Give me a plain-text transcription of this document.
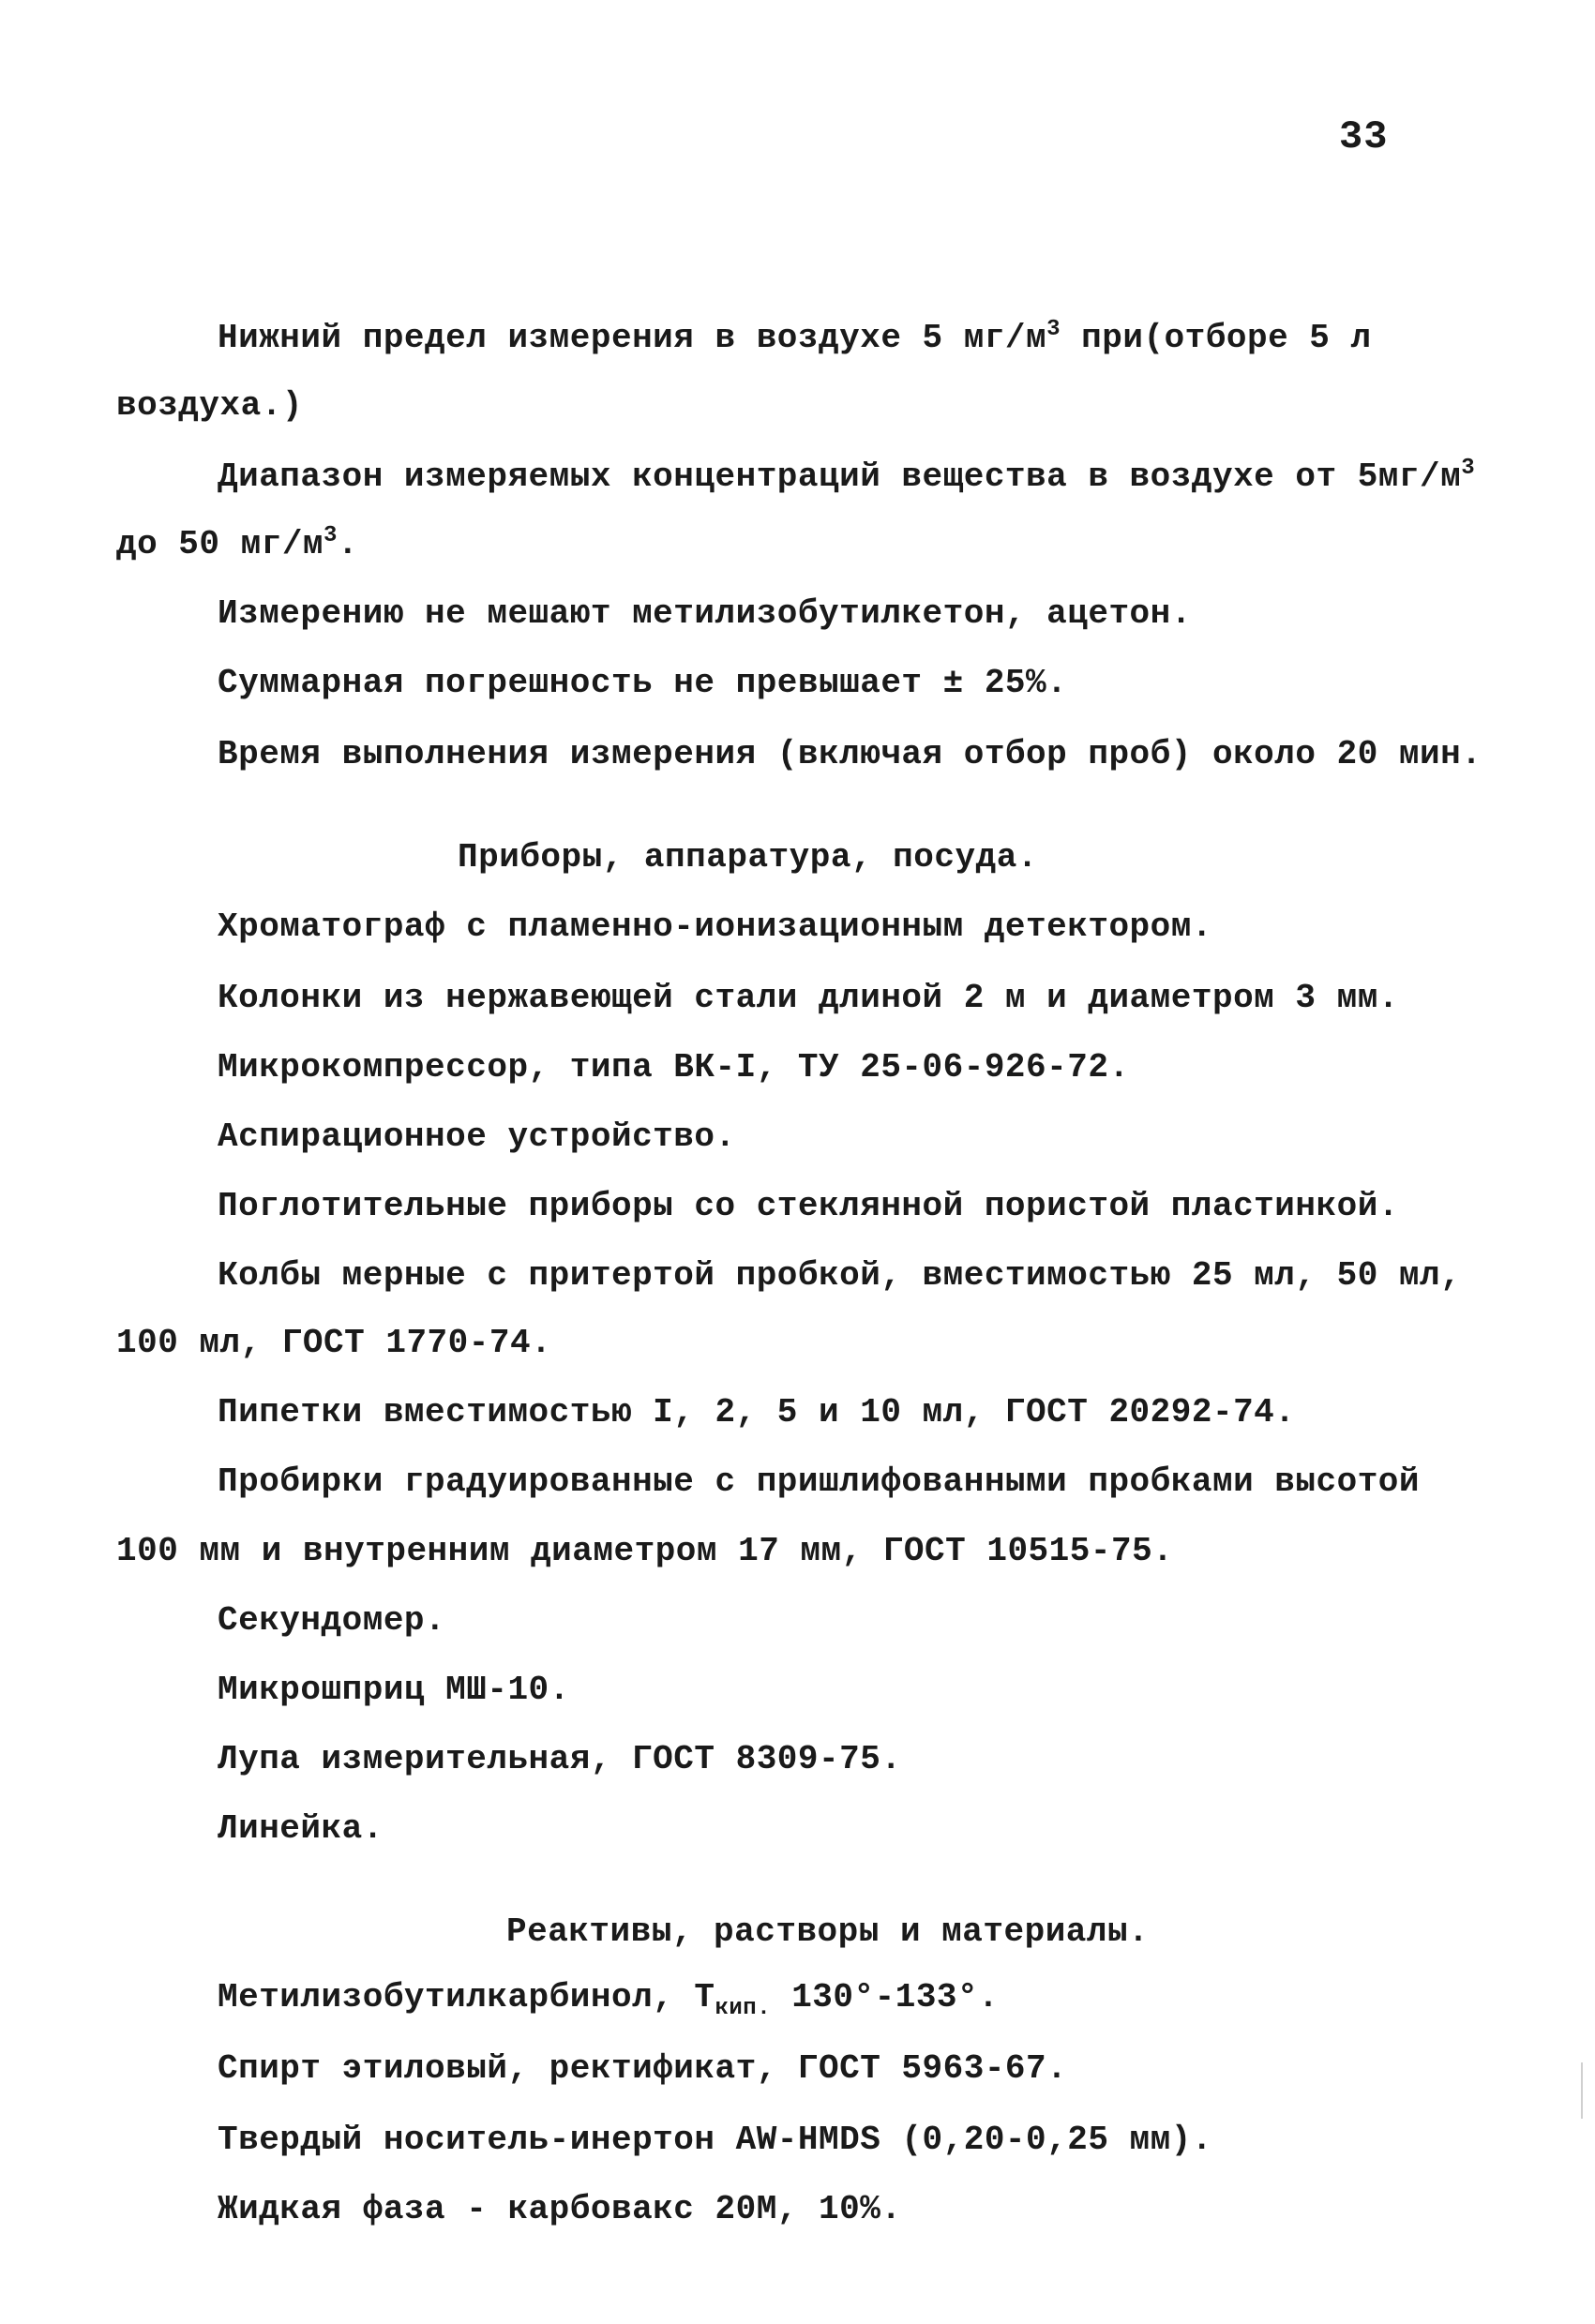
33
Нижний предел измерения в воздухе 5 $мг/м^3$ при(отборе 5 л
воздуха.)
Диапазон измеряемых концентраций вещества в воздухе от $5мг/м^3$
до 50 $мг/м^3$.
Измерению не мешают метилизобутилкетон, ацетон.
Суммарная погрешность не превышает ± 25%.
Время выполнения измерения (включая отбор проб) около 20 мин.
Приборы, аппаратура, посуда.
Хроматограф с пламенно-ионизационным детектором.
Колонки из нержавеющей стали длиной 2 м и диаметром 3 мм.
Микрокомпрессор, типа ВК-I, ТУ 25-06-926-72.
Аспирационное устройство.
Поглотительные приборы со стеклянной пористой пластинкой.
Колбы мерные с притертой пробкой, вместимостью 25 мл, 50 мл,
100 мл, ГОСТ 1770-74.
Пипетки вместимостью I, 2, 5 и 10 мл, ГОСТ 20292-74.
Пробирки градуированные с пришлифованными пробками высотой
100 мм и внутренним диаметром 17 мм, ГОСТ 10515-75.
Секундомер.
Микрошприц МШ-10.
Лупа измерительная, ГОСТ 8309-75.
Линейка.
Реактивы, растворы и материалы.
Метилизобутилкарбинол, $Т_{кип.}$ 130°-133°.
Спирт этиловый, ректификат, ГОСТ 5963-67.
Твердый носитель-инертон AW-HMDS (0,20-0,25 мм).
Жидкая фаза - карбовакс 20М, 10%.
